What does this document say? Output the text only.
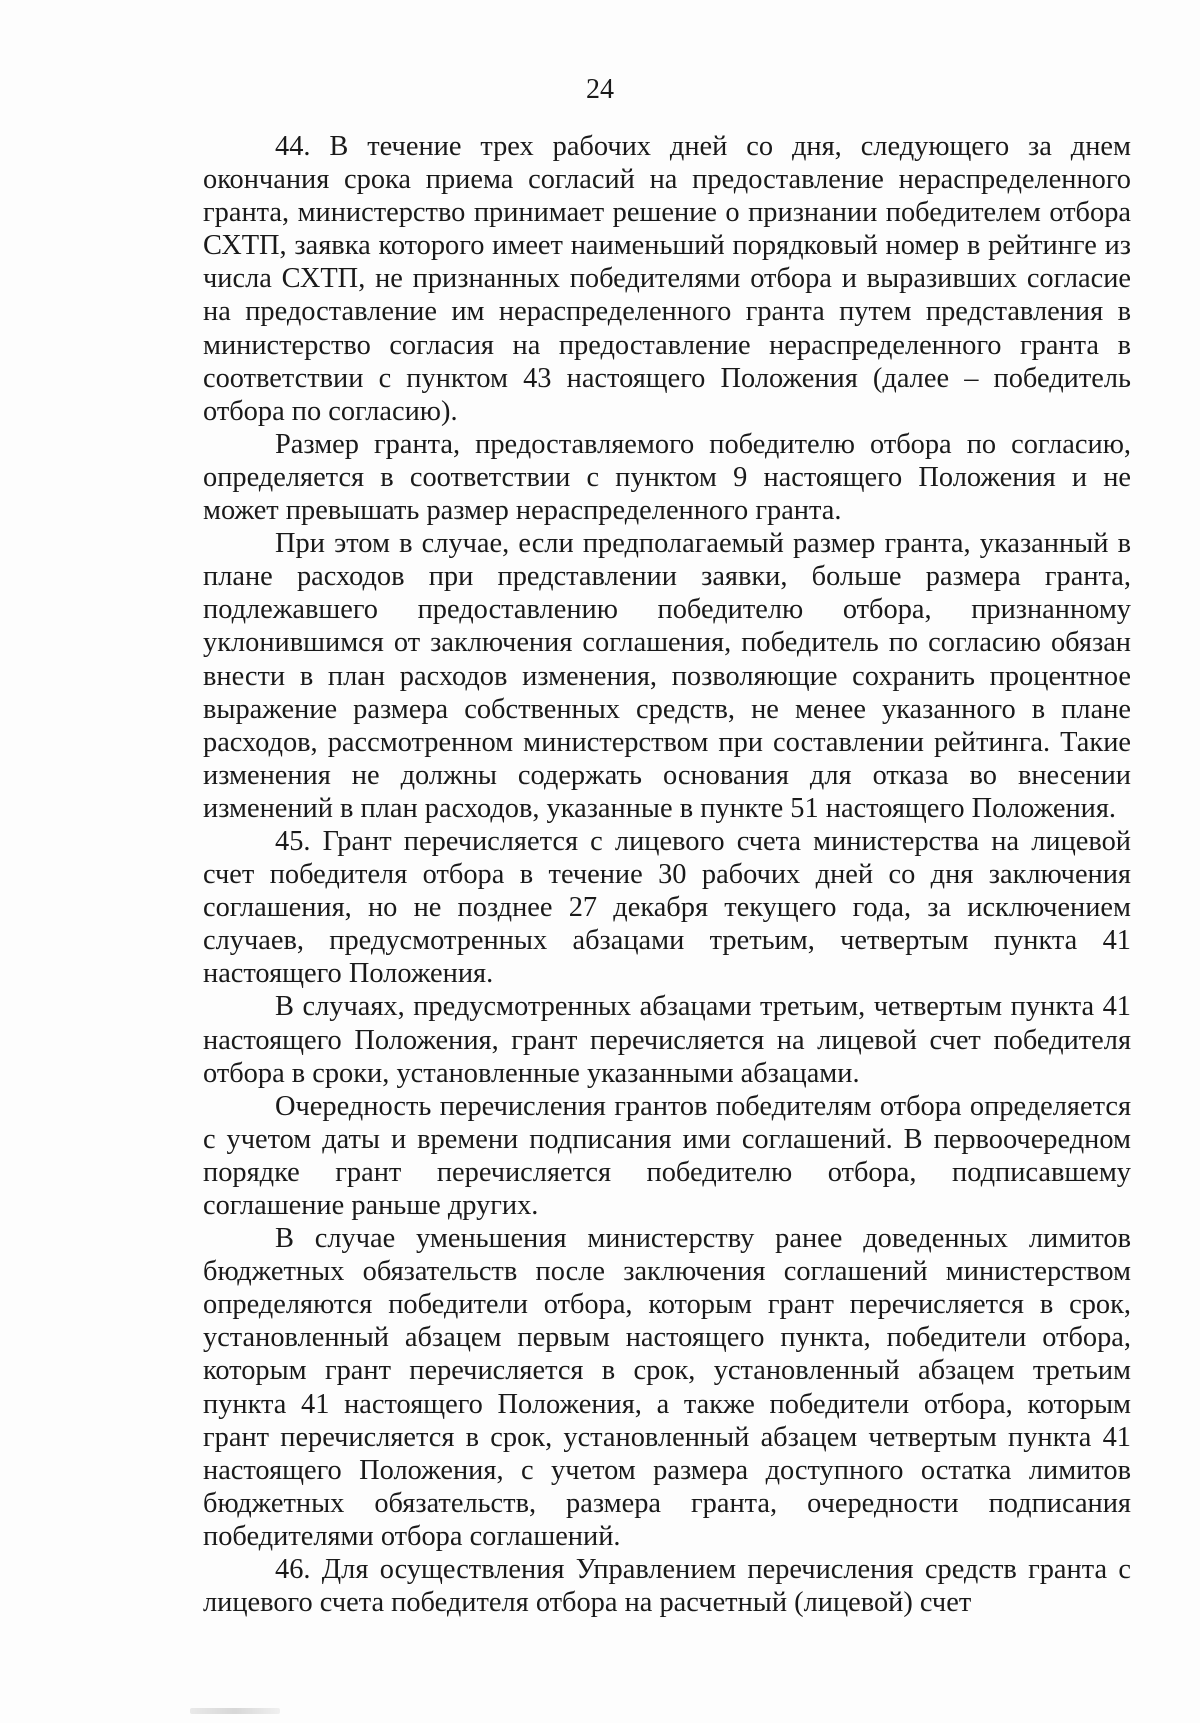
24

44. В течение трех рабочих дней со дня, следующего за днем окончания срока приема согласий на предоставление нераспределенного гранта, министерство принимает решение о признании победителем отбора СХТП, заявка которого имеет наименьший порядковый номер в рейтинге из числа СХТП, не признанных победителями отбора и выразивших согласие на предоставление им нераспределенного гранта путем представления в министерство согласия на предоставление нераспределенного гранта в соответствии с пунктом 43 настоящего Положения (далее – победитель отбора по согласию).

Размер гранта, предоставляемого победителю отбора по согласию, определяется в соответствии с пунктом 9 настоящего Положения и не может превышать размер нераспределенного гранта.

При этом в случае, если предполагаемый размер гранта, указанный в плане расходов при представлении заявки, больше размера гранта, подлежавшего предоставлению победителю отбора, признанному уклонившимся от заключения соглашения, победитель по согласию обязан внести в план расходов изменения, позволяющие сохранить процентное выражение размера собственных средств, не менее указанного в плане расходов, рассмотренном министерством при составлении рейтинга. Такие изменения не должны содержать основания для отказа во внесении изменений в план расходов, указанные в пункте 51 настоящего Положения.

45. Грант перечисляется с лицевого счета министерства на лицевой счет победителя отбора в течение 30 рабочих дней со дня заключения соглашения, но не позднее 27 декабря текущего года, за исключением случаев, предусмотренных абзацами третьим, четвертым пункта 41 настоящего Положения.

В случаях, предусмотренных абзацами третьим, четвертым пункта 41 настоящего Положения, грант перечисляется на лицевой счет победителя отбора в сроки, установленные указанными абзацами.

Очередность перечисления грантов победителям отбора определяется с учетом даты и времени подписания ими соглашений. В первоочередном порядке грант перечисляется победителю отбора, подписавшему соглашение раньше других.

В случае уменьшения министерству ранее доведенных лимитов бюджетных обязательств после заключения соглашений министерством определяются победители отбора, которым грант перечисляется в срок, установленный абзацем первым настоящего пункта, победители отбора, которым грант перечисляется в срок, установленный абзацем третьим пункта 41 настоящего Положения, а также победители отбора, которым грант перечисляется в срок, установленный абзацем четвертым пункта 41 настоящего Положения, с учетом размера доступного остатка лимитов бюджетных обязательств, размера гранта, очередности подписания победителями отбора соглашений.

46. Для осуществления Управлением перечисления средств гранта с лицевого счета победителя отбора на расчетный (лицевой) счет
